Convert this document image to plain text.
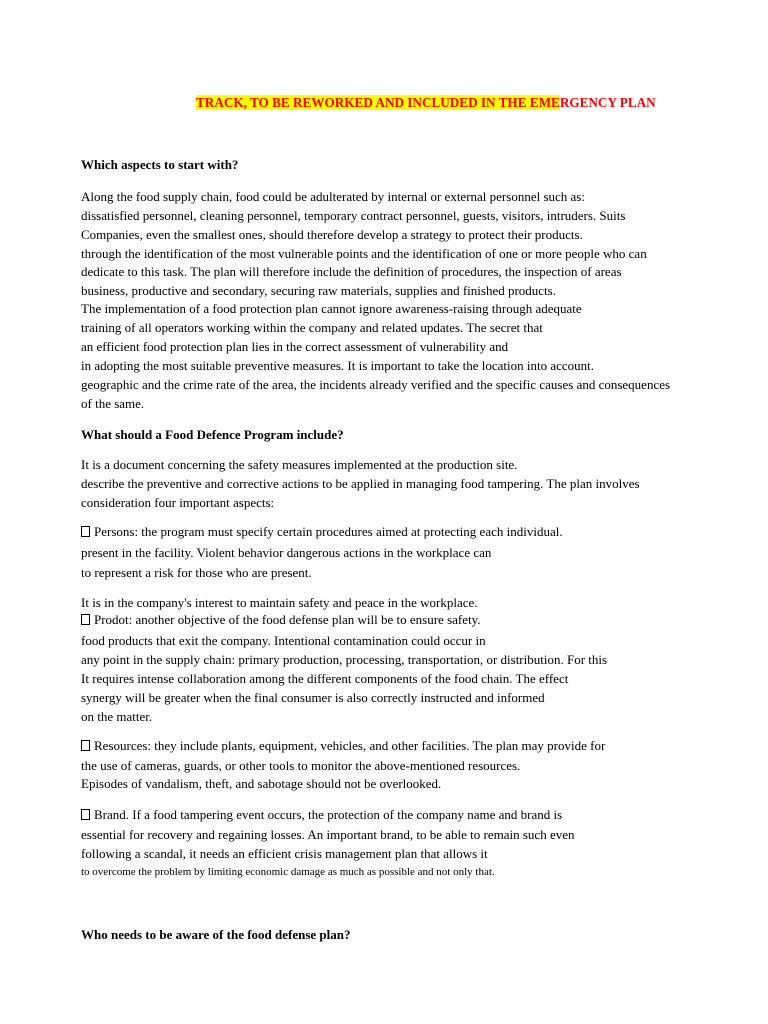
TRACK, TO BE REWORKED AND INCLUDED IN THE EMERGENCY PLAN
Which aspects to start with?
Along the food supply chain, food could be adulterated by internal or external personnel such as:
dissatisfied personnel, cleaning personnel, temporary contract personnel, guests, visitors, intruders. Suits
Companies, even the smallest ones, should therefore develop a strategy to protect their products.
through the identification of the most vulnerable points and the identification of one or more people who can
dedicate to this task. The plan will therefore include the definition of procedures, the inspection of areas
business, productive and secondary, securing raw materials, supplies and finished products.
The implementation of a food protection plan cannot ignore awareness-raising through adequate
training of all operators working within the company and related updates. The secret that
an efficient food protection plan lies in the correct assessment of vulnerability and
in adopting the most suitable preventive measures. It is important to take the location into account.
geographic and the crime rate of the area, the incidents already verified and the specific causes and consequences
of the same.
What should a Food Defence Program include?
It is a document concerning the safety measures implemented at the production site.
describe the preventive and corrective actions to be applied in managing food tampering. The plan involves
consideration four important aspects:
Persons: the program must specify certain procedures aimed at protecting each individual.
present in the facility. Violent behavior dangerous actions in the workplace can
to represent a risk for those who are present.
It is in the company's interest to maintain safety and peace in the workplace.
Prodot: another objective of the food defense plan will be to ensure safety.
food products that exit the company. Intentional contamination could occur in
any point in the supply chain: primary production, processing, transportation, or distribution. For this
It requires intense collaboration among the different components of the food chain. The effect
synergy will be greater when the final consumer is also correctly instructed and informed
on the matter.
Resources: they include plants, equipment, vehicles, and other facilities. The plan may provide for
the use of cameras, guards, or other tools to monitor the above-mentioned resources.
Episodes of vandalism, theft, and sabotage should not be overlooked.
Brand. If a food tampering event occurs, the protection of the company name and brand is
essential for recovery and regaining losses. An important brand, to be able to remain such even
following a scandal, it needs an efficient crisis management plan that allows it
to overcome the problem by limiting economic damage as much as possible and not only that.
Who needs to be aware of the food defense plan?
